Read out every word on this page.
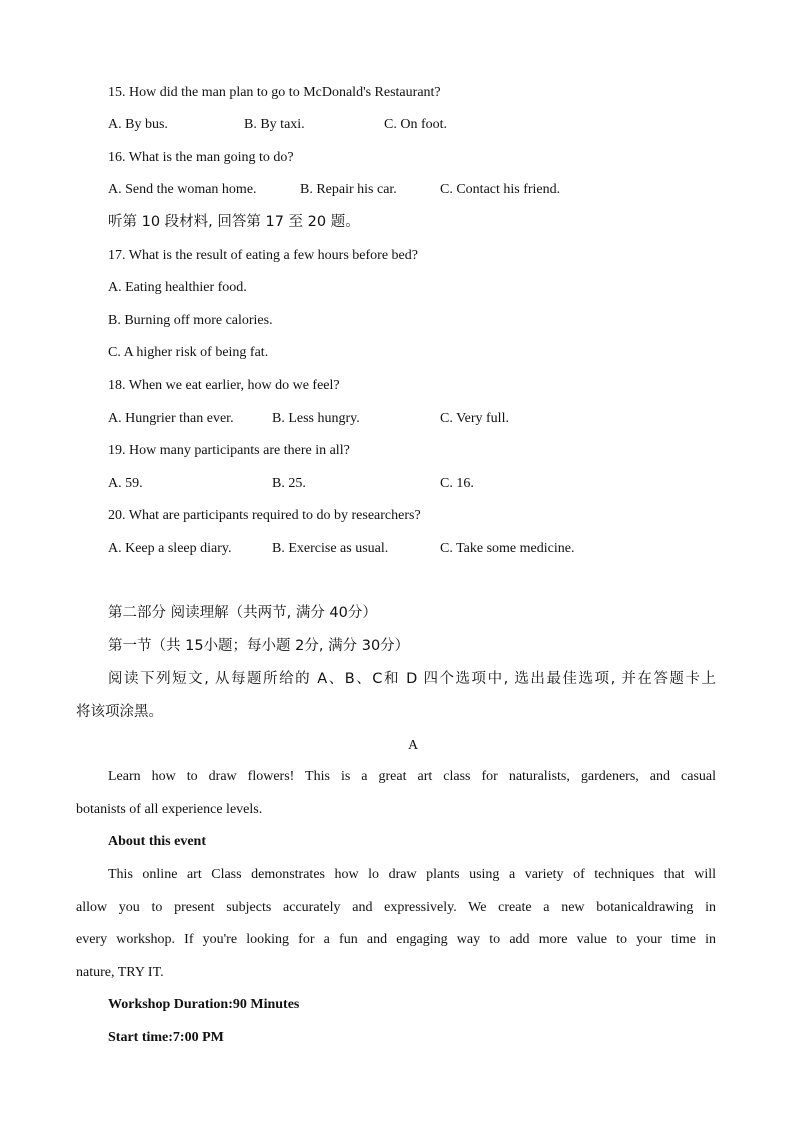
15. How did the man plan to go to McDonald's Restaurant?
A. By bus.	B. By taxi.	C. On foot.
16. What is the man going to do?
A. Send the woman home.	B. Repair his car.	C. Contact his friend.
听第 10 段材料, 回答第 17 至 20 题。
17. What is the result of eating a few hours before bed?
A. Eating healthier food.
B. Burning off more calories.
C. A higher risk of being fat.
18. When we eat earlier, how do we feel?
A. Hungrier than ever.	B. Less hungry.	C. Very full.
19. How many participants are there in all?
A. 59.	B. 25.	C. 16.
20. What are participants required to do by researchers?
A. Keep a sleep diary.	B. Exercise as usual.	C. Take some medicine.
第二部分 阅读理解（共两节, 满分 40分）
第一节（共 15小题；每小题 2分, 满分 30分）
阅读下列短文, 从每题所给的 A、B、C和 D 四个选项中, 选出最佳选项, 并在答题卡上
将该项涂黑。
A
Learn how to draw flowers! This is a great art class for naturalists, gardeners, and casual
botanists of all experience levels.
About this event
This online art Class demonstrates how lo draw plants using a variety of techniques that will
allow you to present subjects accurately and expressively. We create a new botanicaldrawing in
every workshop. If you're looking for a fun and engaging way to add more value to your time in
nature, TRY IT.
Workshop Duration:90 Minutes
Start time:7:00 PM
